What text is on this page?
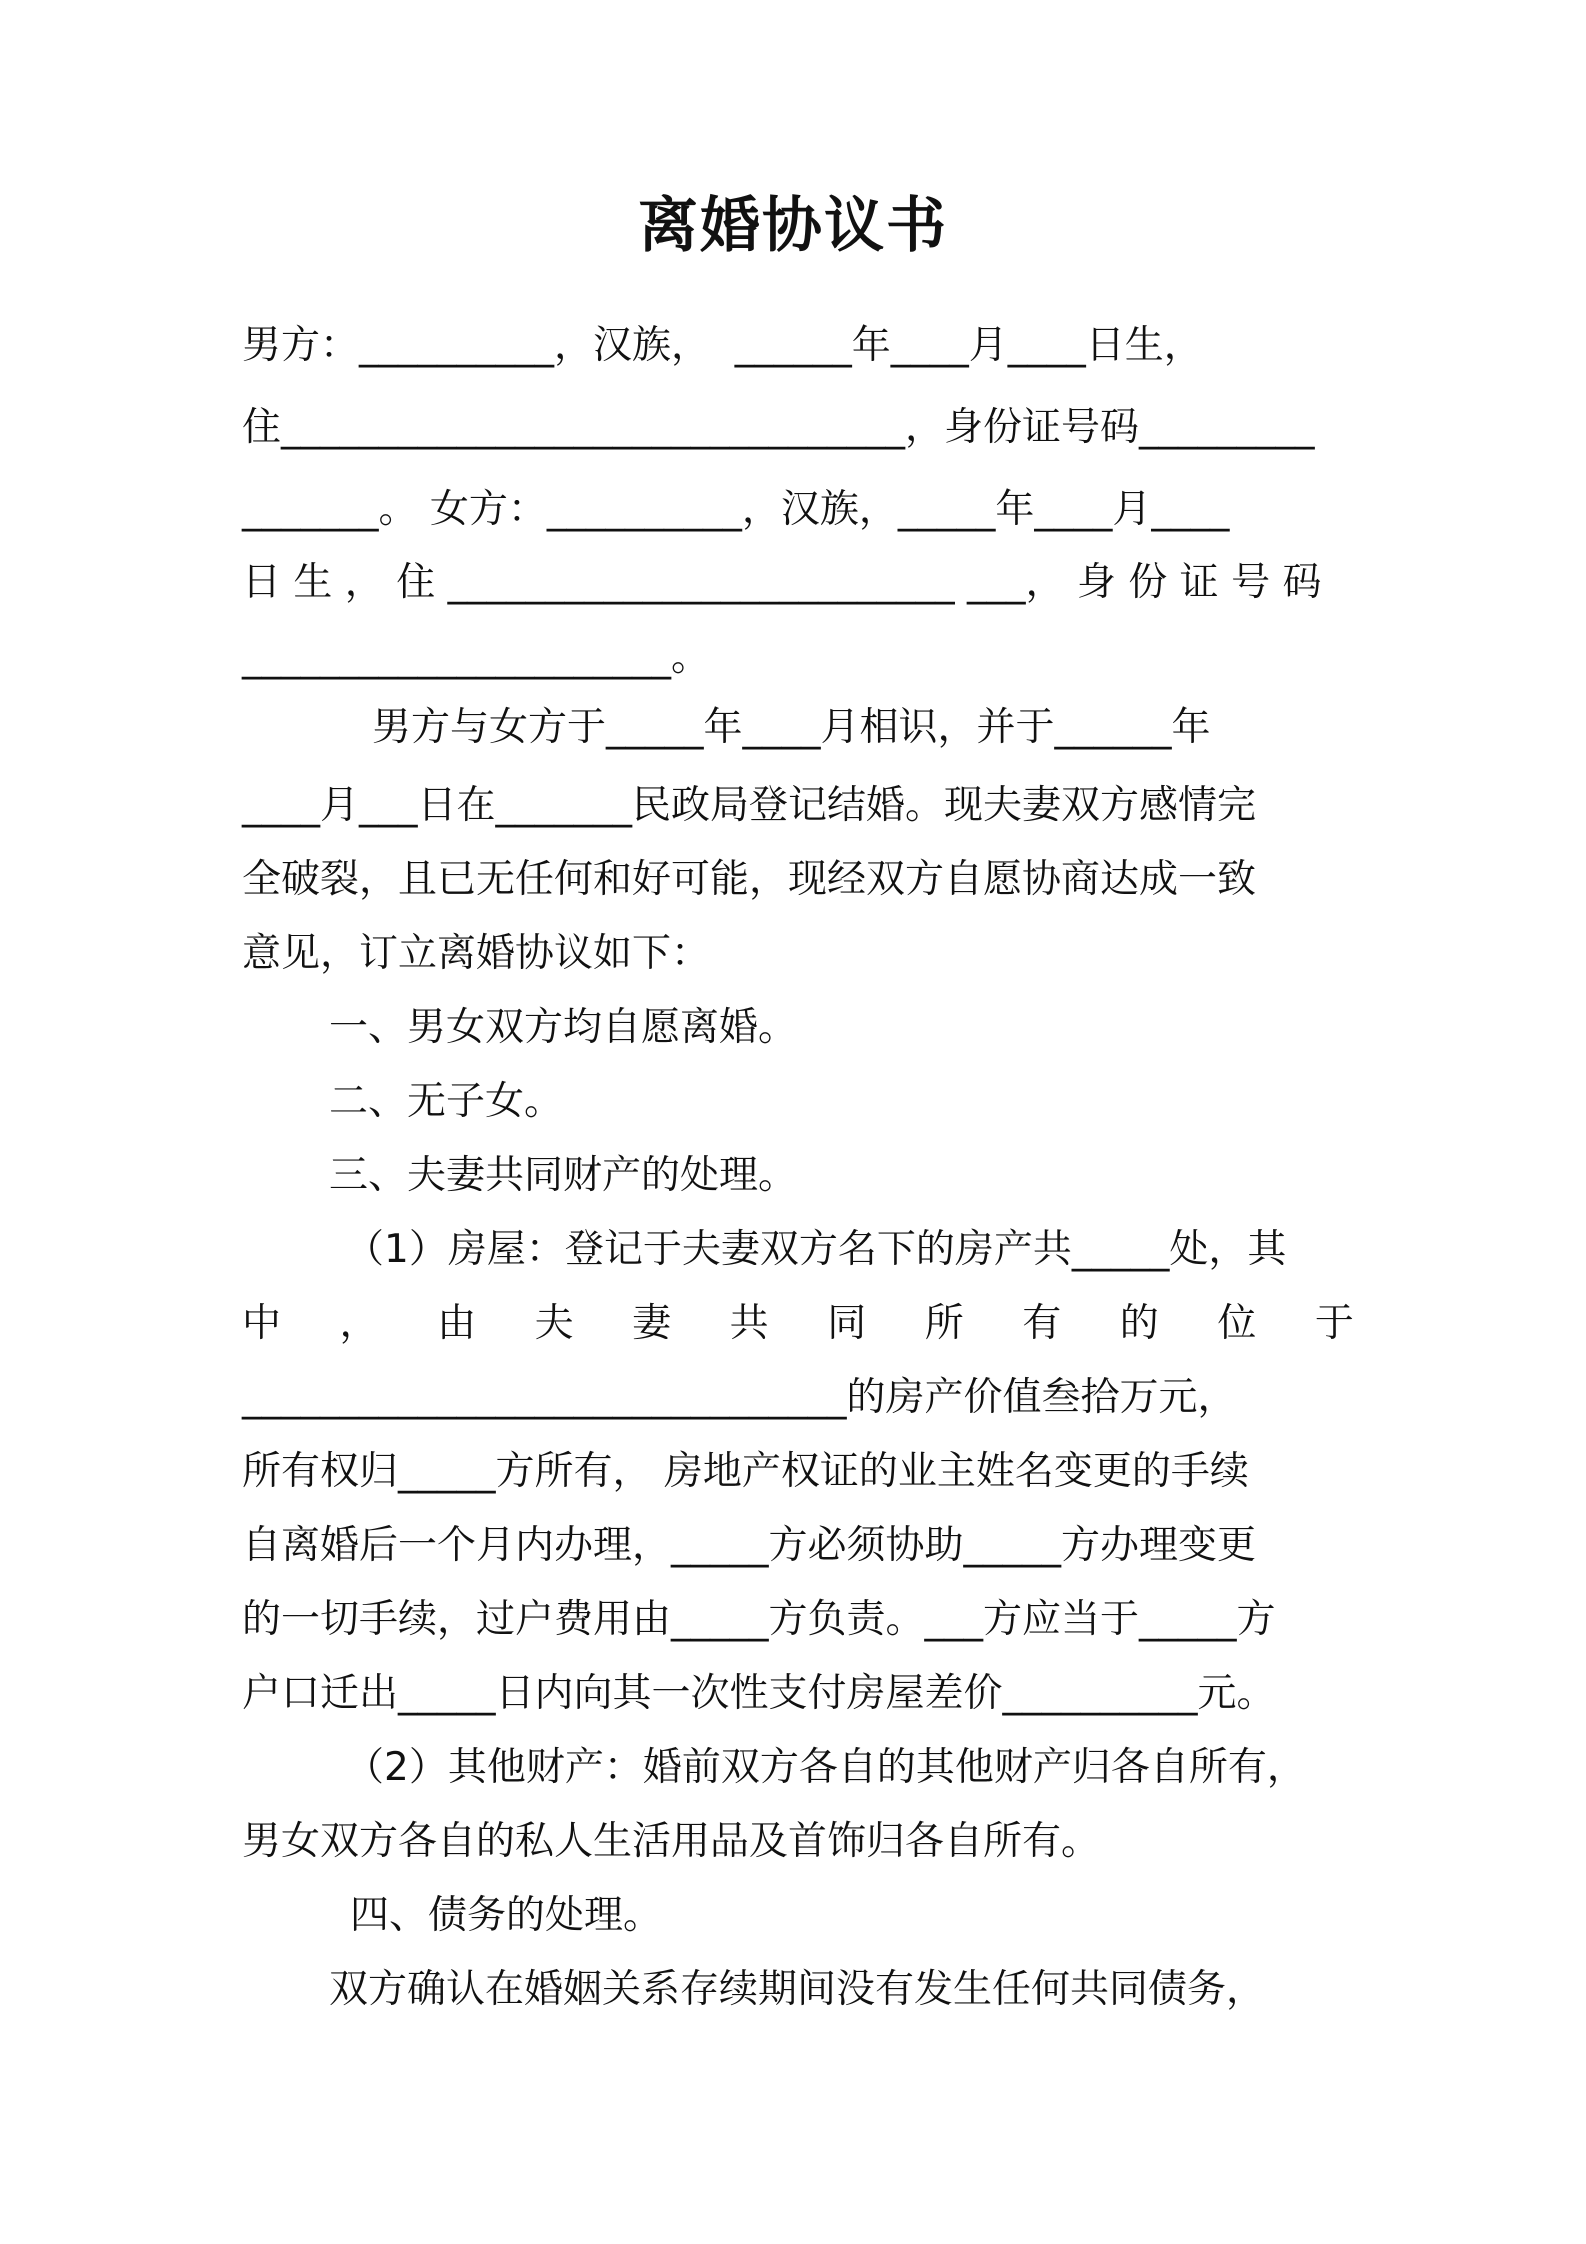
离婚协议书

男方：__________，汉族，  ______年____月____日生，

住________________________________，身份证号码_________

_______。 女方：__________，汉族，_____年____月____

日 生 ， 住 __________________________ ___， 身 份 证 号 码

______________________。

男方与女方于_____年____月相识，并于______年

____月___日在_______民政局登记结婚。现夫妻双方感情完

全破裂，且已无任何和好可能，现经双方自愿协商达成一致

意见，订立离婚协议如下：

一、男女双方均自愿离婚。

二、无子女。

三、夫妻共同财产的处理。

（1）房屋：登记于夫妻双方名下的房产共_____处，其

中 ， 由 夫 妻 共 同 所 有 的 位 于

_______________________________的房产价值叁拾万元，

所有权归_____方所有， 房地产权证的业主姓名变更的手续

自离婚后一个月内办理，_____方必须协助_____方办理变更

的一切手续，过户费用由_____方负责。___方应当于_____方

户口迁出_____日内向其一次性支付房屋差价__________元。

（2）其他财产：婚前双方各自的其他财产归各自所有，

男女双方各自的私人生活用品及首饰归各自所有。

四、债务的处理。

双方确认在婚姻关系存续期间没有发生任何共同债务，
